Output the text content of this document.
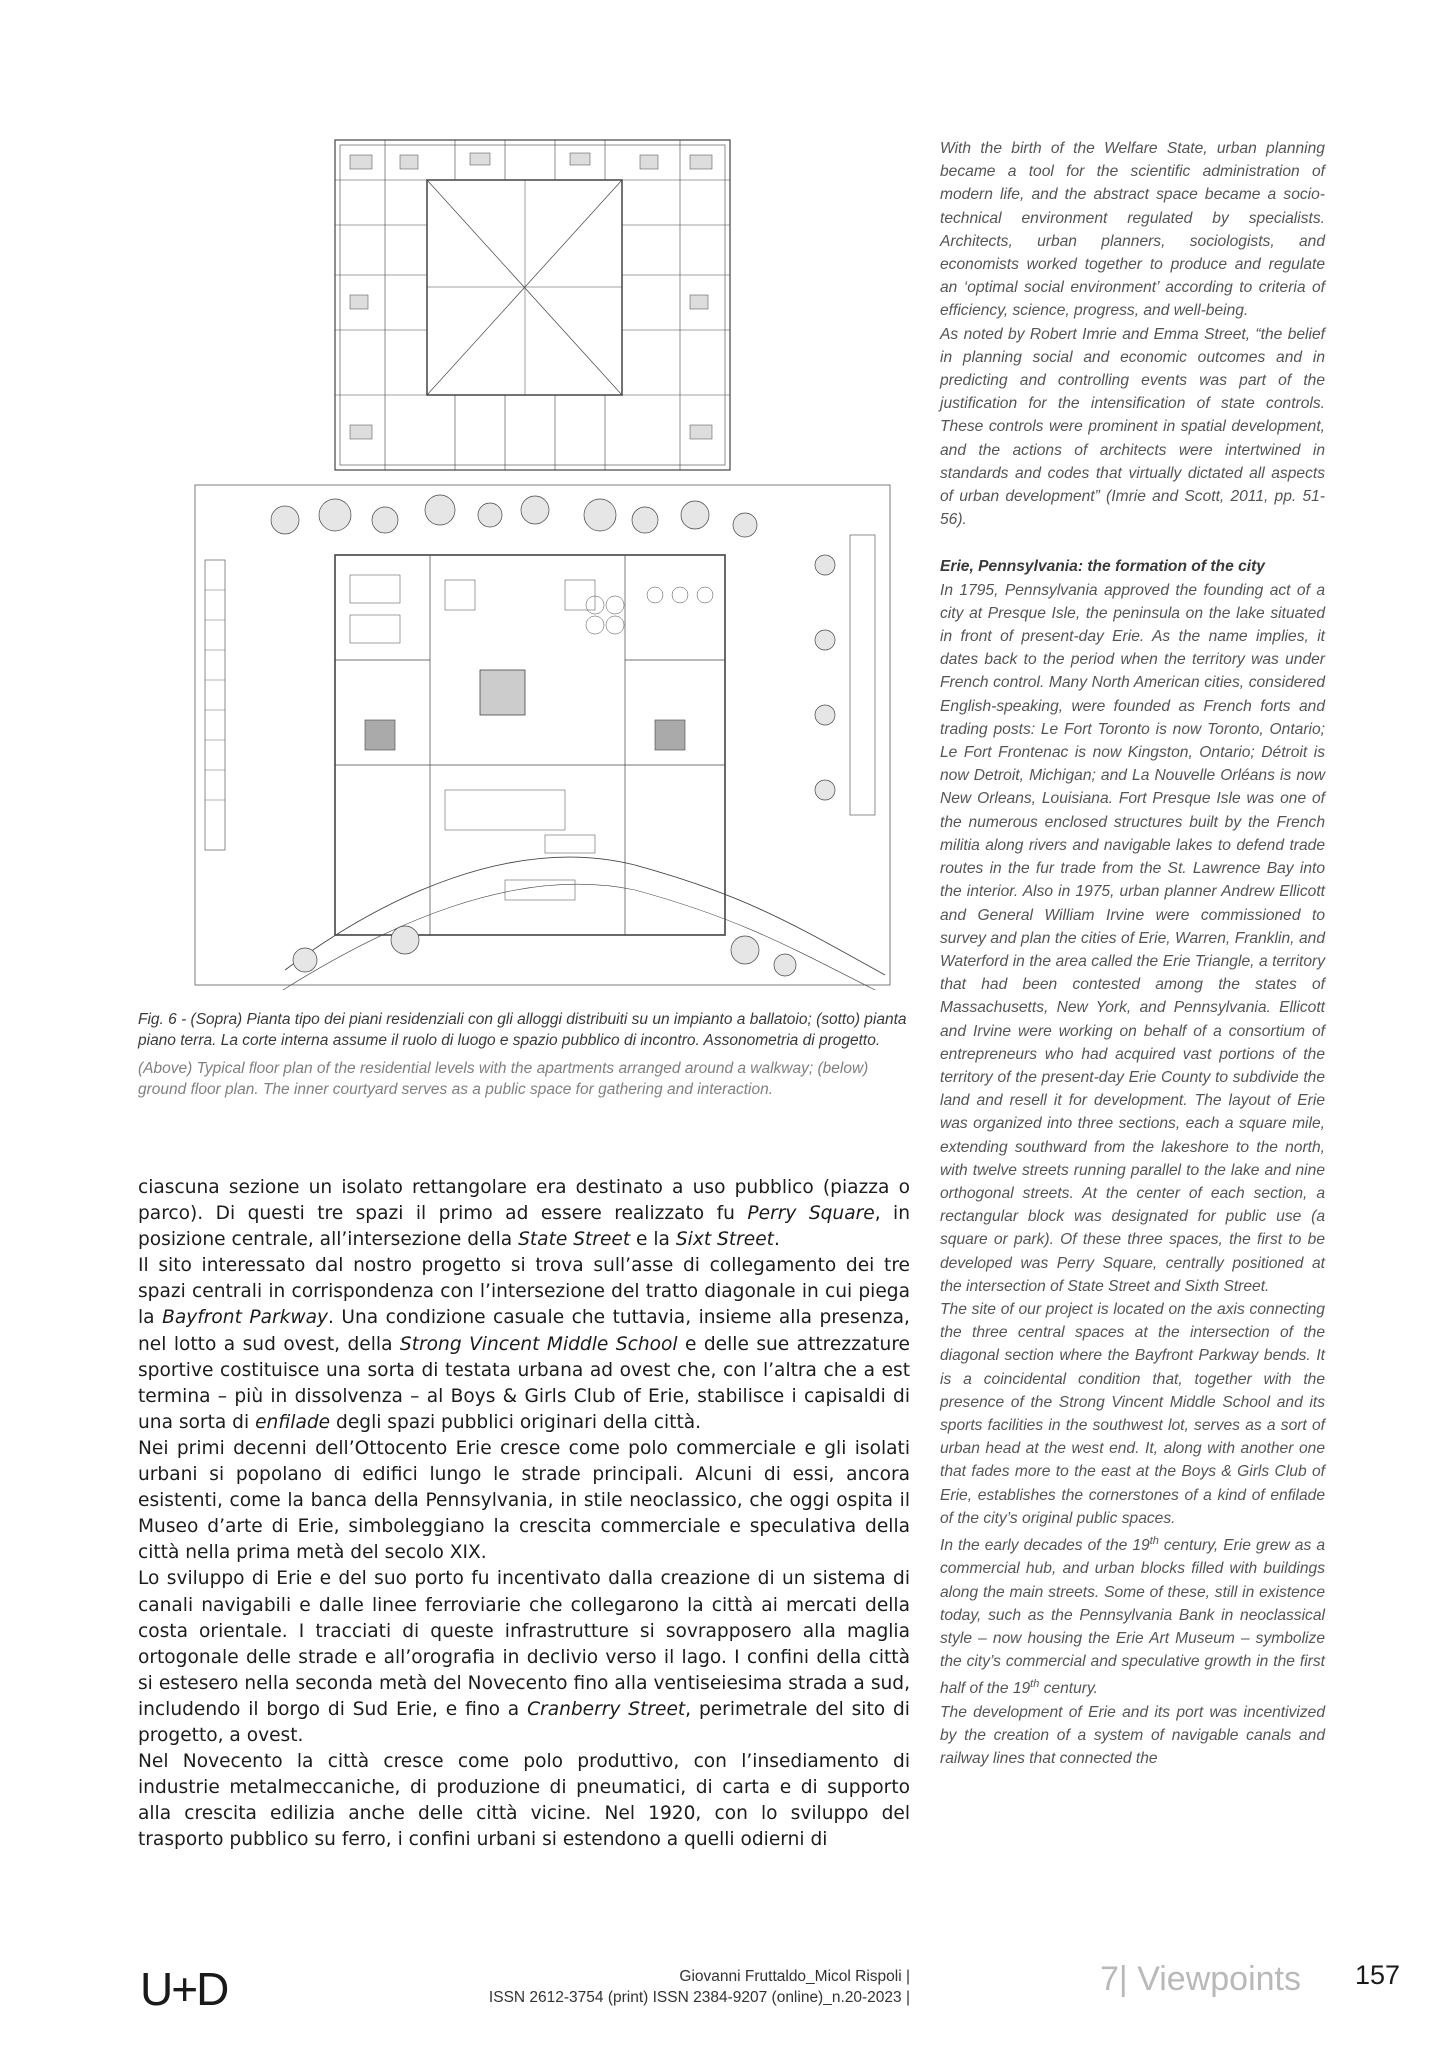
Fig. 6 - (Sopra) Pianta tipo dei piani residenziali con gli alloggi distribuiti su un impianto a ballatoio; (sotto) pianta piano terra. La corte interna assume il ruolo di luogo e spazio pubblico di incontro. Assonometria di progetto.

(Above) Typical floor plan of the residential levels with the apartments arranged around a walkway; (below) ground floor plan. The inner courtyard serves as a public space for gathering and interaction.

ciascuna sezione un isolato rettangolare era destinato a uso pubblico (piazza o parco). Di questi tre spazi il primo ad essere realizzato fu Perry Square, in posizione centrale, all’intersezione della State Street e la Sixt Street.

Il sito interessato dal nostro progetto si trova sull’asse di collegamento dei tre spazi centrali in corrispondenza con l’intersezione del tratto diagonale in cui piega la Bayfront Parkway. Una condizione casuale che tuttavia, insieme alla presenza, nel lotto a sud ovest, della Strong Vincent Middle School e delle sue attrezzature sportive costituisce una sorta di testata urbana ad ovest che, con l’altra che a est termina – più in dissolvenza – al Boys & Girls Club of Erie, stabilisce i capisaldi di una sorta di enfilade degli spazi pubblici originari della città.

Nei primi decenni dell’Ottocento Erie cresce come polo commerciale e gli isolati urbani si popolano di edifici lungo le strade principali. Alcuni di essi, ancora esistenti, come la banca della Pennsylvania, in stile neoclassico, che oggi ospita il Museo d’arte di Erie, simboleggiano la crescita commerciale e speculativa della città nella prima metà del secolo XIX.

Lo sviluppo di Erie e del suo porto fu incentivato dalla creazione di un sistema di canali navigabili e dalle linee ferroviarie che collegarono la città ai mercati della costa orientale. I tracciati di queste infrastrutture si sovrapposero alla maglia ortogonale delle strade e all’orografia in declivio verso il lago. I confini della città si estesero nella seconda metà del Novecento fino alla ventiseiesima strada a sud, includendo il borgo di Sud Erie, e fino a Cranberry Street, perimetrale del sito di progetto, a ovest.

Nel Novecento la città cresce come polo produttivo, con l’insediamento di industrie metalmeccaniche, di produzione di pneumatici, di carta e di supporto alla crescita edilizia anche delle città vicine. Nel 1920, con lo sviluppo del trasporto pubblico su ferro, i confini urbani si estendono a quelli odierni di

With the birth of the Welfare State, urban planning became a tool for the scientific administration of modern life, and the abstract space became a socio-technical environment regulated by specialists. Architects, urban planners, sociologists, and economists worked together to produce and regulate an ‘optimal social environment’ according to criteria of efficiency, science, progress, and well-being.

As noted by Robert Imrie and Emma Street, “the belief in planning social and economic outcomes and in predicting and controlling events was part of the justification for the intensification of state controls. These controls were prominent in spatial development, and the actions of architects were intertwined in standards and codes that virtually dictated all aspects of urban development” (Imrie and Scott, 2011, pp. 51-56).

Erie, Pennsylvania: the formation of the city

In 1795, Pennsylvania approved the founding act of a city at Presque Isle, the peninsula on the lake situated in front of present-day Erie. As the name implies, it dates back to the period when the territory was under French control. Many North American cities, considered English-speaking, were founded as French forts and trading posts: Le Fort Toronto is now Toronto, Ontario; Le Fort Frontenac is now Kingston, Ontario; Détroit is now Detroit, Michigan; and La Nouvelle Orléans is now New Orleans, Louisiana. Fort Presque Isle was one of the numerous enclosed structures built by the French militia along rivers and navigable lakes to defend trade routes in the fur trade from the St. Lawrence Bay into the interior. Also in 1975, urban planner Andrew Ellicott and General William Irvine were commissioned to survey and plan the cities of Erie, Warren, Franklin, and Waterford in the area called the Erie Triangle, a territory that had been contested among the states of Massachusetts, New York, and Pennsylvania. Ellicott and Irvine were working on behalf of a consortium of entrepreneurs who had acquired vast portions of the territory of the present-day Erie County to subdivide the land and resell it for development. The layout of Erie was organized into three sections, each a square mile, extending southward from the lakeshore to the north, with twelve streets running parallel to the lake and nine orthogonal streets. At the center of each section, a rectangular block was designated for public use (a square or park). Of these three spaces, the first to be developed was Perry Square, centrally positioned at the intersection of State Street and Sixth Street.

The site of our project is located on the axis connecting the three central spaces at the intersection of the diagonal section where the Bayfront Parkway bends. It is a coincidental condition that, together with the presence of the Strong Vincent Middle School and its sports facilities in the southwest lot, serves as a sort of urban head at the west end. It, along with another one that fades more to the east at the Boys & Girls Club of Erie, establishes the cornerstones of a kind of enfilade of the city’s original public spaces.

In the early decades of the 19th century, Erie grew as a commercial hub, and urban blocks filled with buildings along the main streets. Some of these, still in existence today, such as the Pennsylvania Bank in neoclassical style – now housing the Erie Art Museum – symbolize the city’s commercial and speculative growth in the first half of the 19th century.

The development of Erie and its port was incentivized by the creation of a system of navigable canals and railway lines that connected the

U+D	Giovanni Fruttaldo_Micol Rispoli |
ISSN 2612-3754 (print) ISSN 2384-9207 (online)_n.20-2023 |	7| Viewpoints 157
